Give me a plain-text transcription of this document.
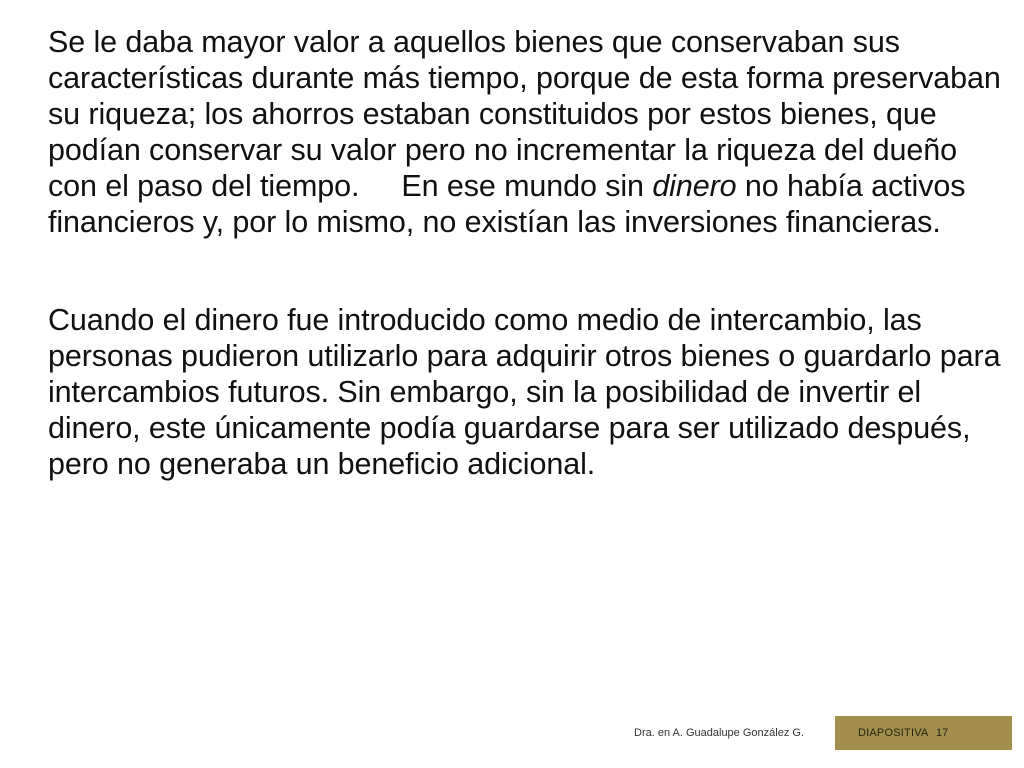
Se le daba mayor valor a aquellos bienes que conservaban sus características durante más tiempo, porque de esta forma preservaban su riqueza; los ahorros estaban constituidos por estos bienes, que podían conservar su valor pero no incrementar la riqueza del dueño con el paso del tiempo. En ese mundo sin dinero no había activos financieros y, por lo mismo, no existían las inversiones financieras.

Cuando el dinero fue introducido como medio de intercambio, las personas pudieron utilizarlo para adquirir otros bienes o guardarlo para intercambios futuros. Sin embargo, sin la posibilidad de invertir el dinero, este únicamente podía guardarse para ser utilizado después, pero no generaba un beneficio adicional.

Dra. en A. Guadalupe González G.	DIAPOSITIVA 17
